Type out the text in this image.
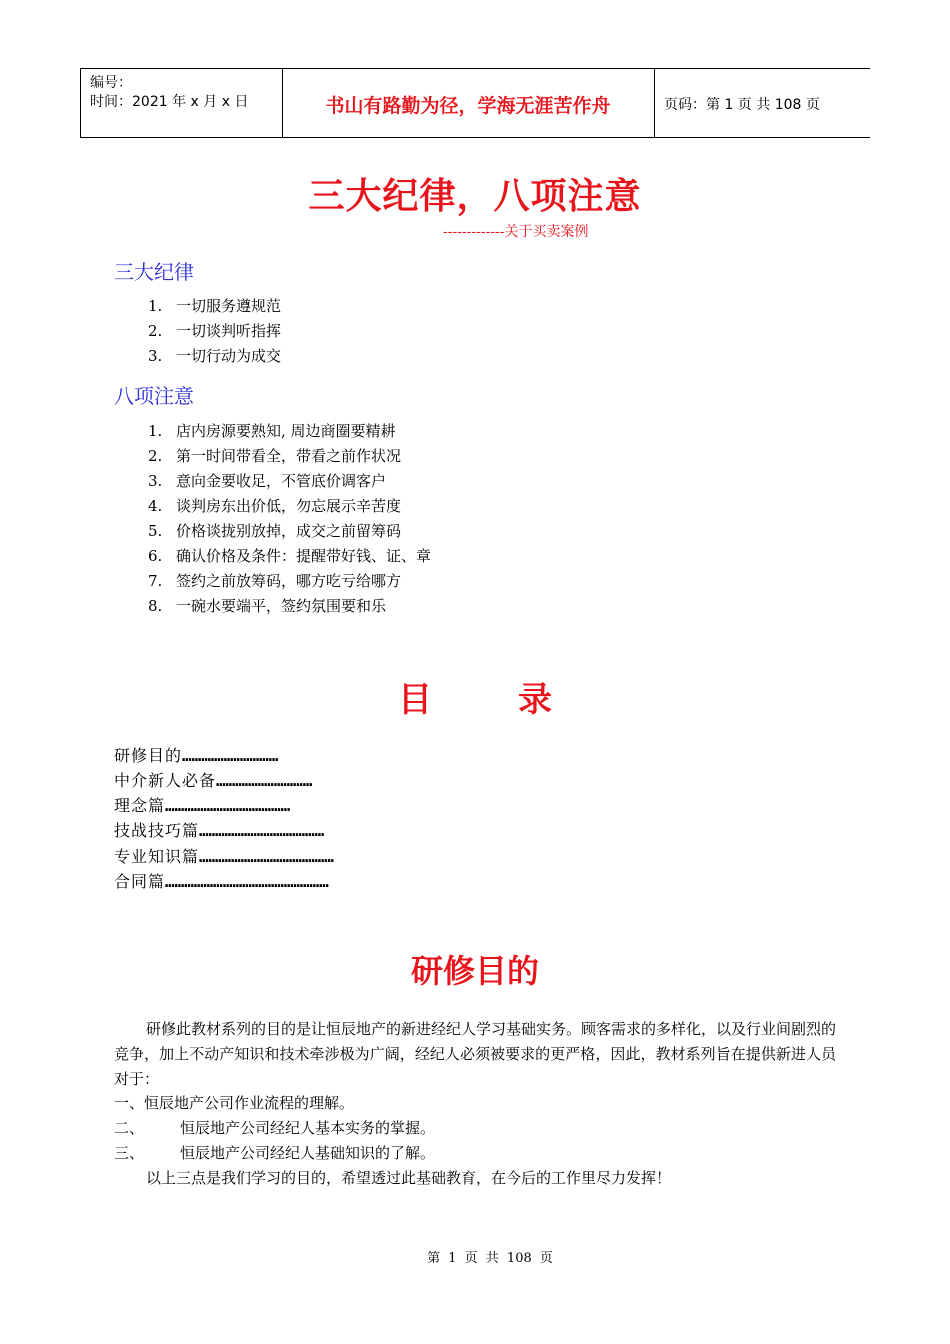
编号：
时间：2021 年 x 月 x 日	书山有路勤为径，学海无涯苦作舟	页码：第 1 页 共 108 页
三大纪律，八项注意
-------------关于买卖案例
三大纪律
1. 一切服务遵规范
2. 一切谈判听指挥
3. 一切行动为成交
八项注意
1. 店内房源要熟知, 周边商圈要精耕
2. 第一时间带看全，带看之前作状况
3. 意向金要收足，不管底价调客户
4. 谈判房东出价低，勿忘展示辛苦度
5. 价格谈拢别放掉，成交之前留筹码
6. 确认价格及条件：提醒带好钱、证、章
7. 签约之前放筹码，哪方吃亏给哪方
8. 一碗水要端平，签约氛围要和乐
目	录
研修目的…………………………
中介新人必备…………………………
理念篇…………………………………
技战技巧篇…………………………………
专业知识篇……………………………………
合同篇……………………………………………
研修目的
研修此教材系列的目的是让恒辰地产的新进经纪人学习基础实务。顾客需求的多样化，以及行业间剧烈的竞争，加上不动产知识和技术牵涉极为广阔，经纪人必须被要求的更严格，因此，教材系列旨在提供新进人员对于：
一、恒辰地产公司作业流程的理解。
二、 恒辰地产公司经纪人基本实务的掌握。
三、 恒辰地产公司经纪人基础知识的了解。
以上三点是我们学习的目的，希望透过此基础教育，在今后的工作里尽力发挥！
第 1 页 共 108 页
